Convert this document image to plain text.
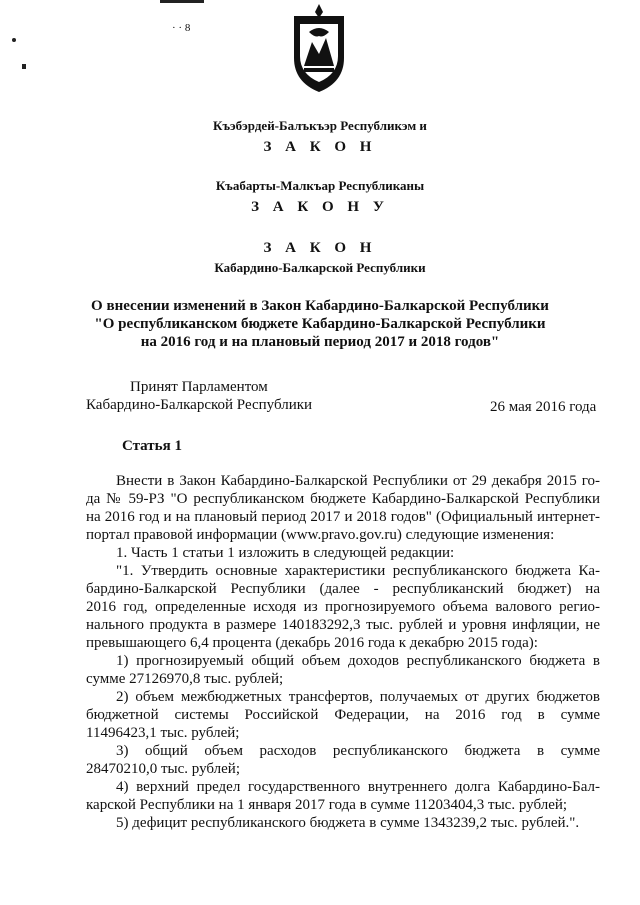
· · 8
Къэбэрдей-Балъкъэр Республикэм и
З А К О Н
Къабарты-Малкъар Республиканы
З А К О Н У
З А К О Н
Кабардино-Балкарской Республики
О внесении изменений в Закон Кабардино-Балкарской Республики
"О республиканском бюджете Кабардино-Балкарской Республики
на 2016 год и на плановый период 2017 и 2018 годов"
Принят Парламентом
Кабардино-Балкарской Республики	26 мая 2016 года
Статья 1
Внести в Закон Кабардино-Балкарской Республики от 29 декабря 2015 го-
да № 59-РЗ "О республиканском бюджете Кабардино-Балкарской Республики
на 2016 год и на плановый период 2017 и 2018 годов" (Официальный интернет-
портал правовой информации (www.pravo.gov.ru) следующие изменения:
1. Часть 1 статьи 1 изложить в следующей редакции:
"1. Утвердить основные характеристики республиканского бюджета Ка-
бардино-Балкарской Республики (далее - республиканский бюджет) на
2016 год, определенные исходя из прогнозируемого объема валового регио-
нального продукта в размере 140183292,3 тыс. рублей и уровня инфляции, не
превышающего 6,4 процента (декабрь 2016 года к декабрю 2015 года):
1) прогнозируемый общий объем доходов республиканского бюджета в
сумме 27126970,8 тыс. рублей;
2) объем межбюджетных трансфертов, получаемых от других бюджетов
бюджетной системы Российской Федерации, на 2016 год в сумме
11496423,1 тыс. рублей;
3) общий объем расходов республиканского бюджета в сумме
28470210,0 тыс. рублей;
4) верхний предел государственного внутреннего долга Кабардино-Бал-
карской Республики на 1 января 2017 года в сумме 11203404,3 тыс. рублей;
5) дефицит республиканского бюджета в сумме 1343239,2 тыс. рублей.".
